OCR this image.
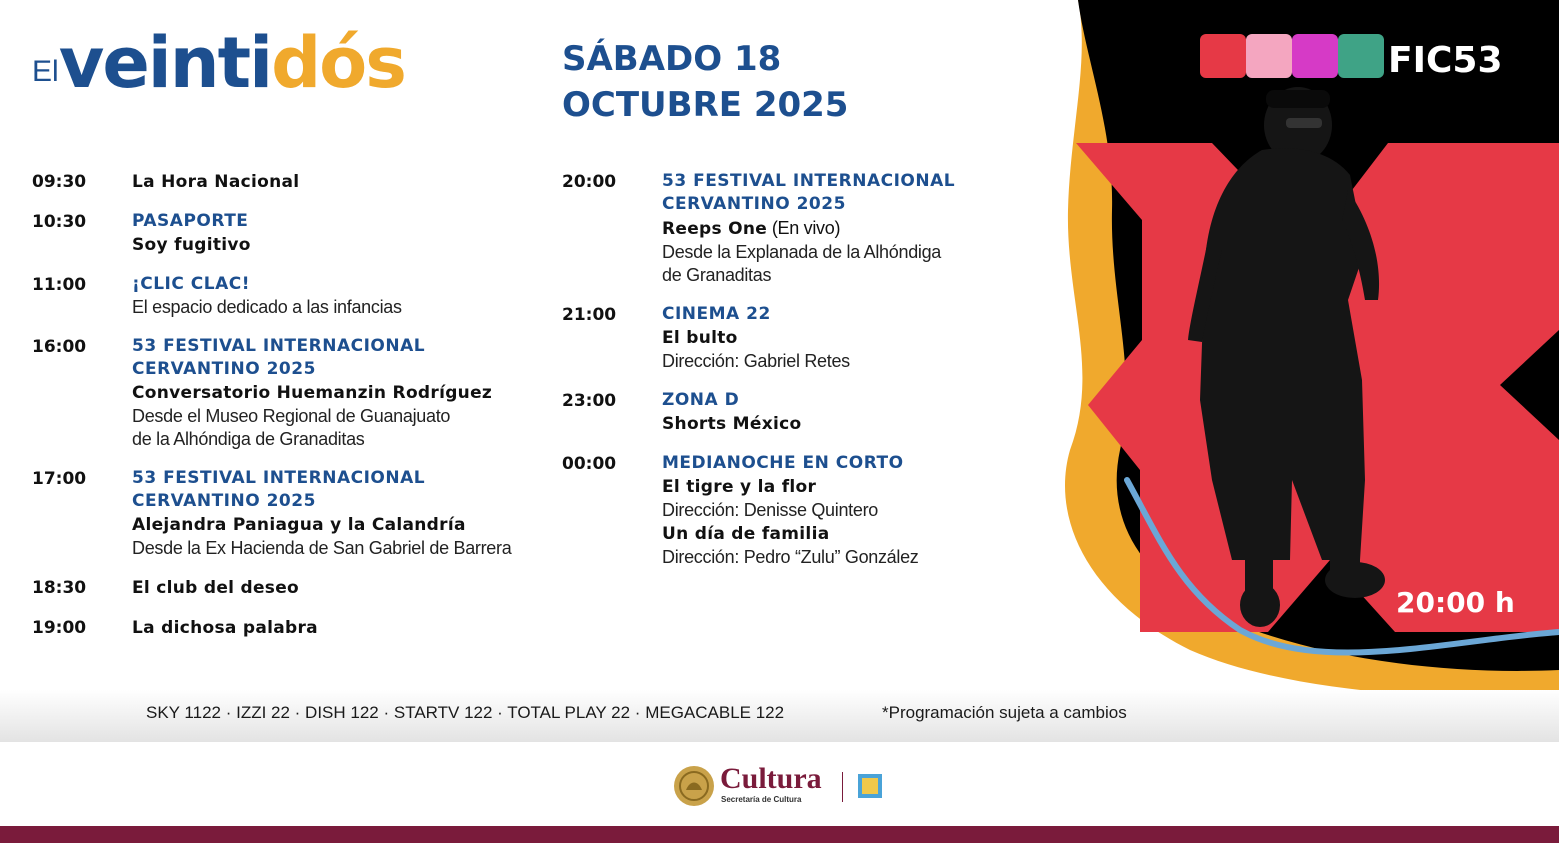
Elveintidós	SÁBADO 18
OCTUBRE 2025
09:30	La Hora Nacional
10:30	PASAPORTE
Soy fugitivo
11:00	¡CLIC CLAC!
El espacio dedicado a las infancias
16:00	53 FESTIVAL INTERNACIONAL CERVANTINO 2025
Conversatorio Huemanzin Rodríguez
Desde el Museo Regional de Guanajuato
de la Alhóndiga de Granaditas
17:00	53 FESTIVAL INTERNACIONAL CERVANTINO 2025
Alejandra Paniagua y la Calandría
Desde la Ex Hacienda de San Gabriel de Barrera
18:30	El club del deseo
19:00	La dichosa palabra
20:00	53 FESTIVAL INTERNACIONAL CERVANTINO 2025
Reeps One (En vivo)
Desde la Explanada de la Alhóndiga
de Granaditas
21:00	CINEMA 22
El bulto
Dirección: Gabriel Retes
23:00	ZONA D
Shorts México
00:00	MEDIANOCHE EN CORTO
El tigre y la flor
Dirección: Denisse Quintero
Un día de familia
Dirección: Pedro “Zulu” González
FIC53
20:00 h
SKY 1122 · IZZI 22 · DISH 122 · STARTV 122 · TOTAL PLAY 22 · MEGACABLE 122	*Programación sujeta a cambios
Cultura
Secretaría de Cultura
